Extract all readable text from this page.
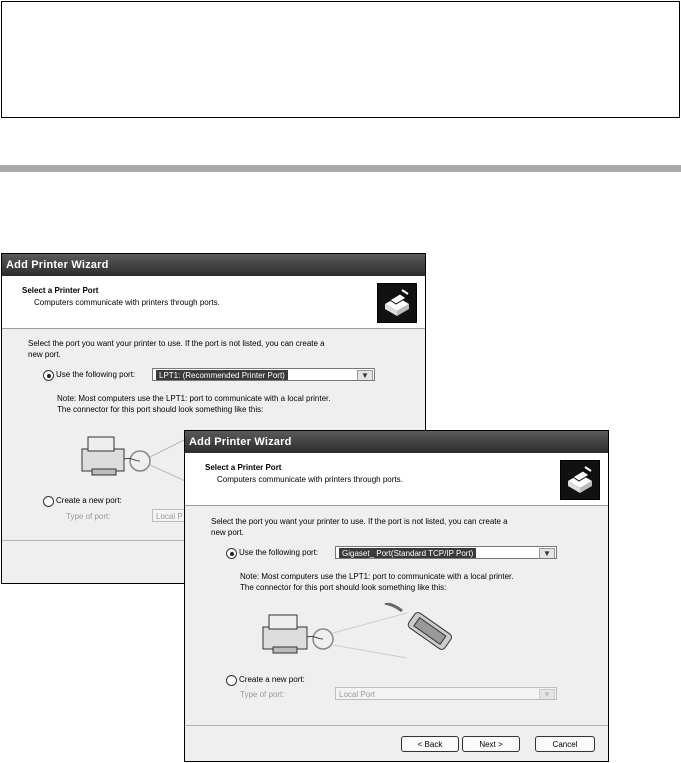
Add Printer Wizard
Select a Printer Port
Computers communicate with printers through ports.
Select the port you want your printer to use. If the port is not listed, you can create a
new port.
Use the following port:	LPT1: (Recommended Printer Port)	▼
Note: Most computers use the LPT1: port to communicate with a local printer.
The connector for this port should look something like this:
Create a new port:
Type of port:	Local P
Add Printer Wizard
Select a Printer Port
Computers communicate with printers through ports.
Select the port you want your printer to use. If the port is not listed, you can create a
new port.
Use the following port:	Gigaset_ Port(Standard TCP/IP Port)	▼
Note: Most computers use the LPT1: port to communicate with a local printer.
The connector for this port should look something like this:
Create a new port:
Type of port:	Local Port	▼
< Back	Next >	Cancel
